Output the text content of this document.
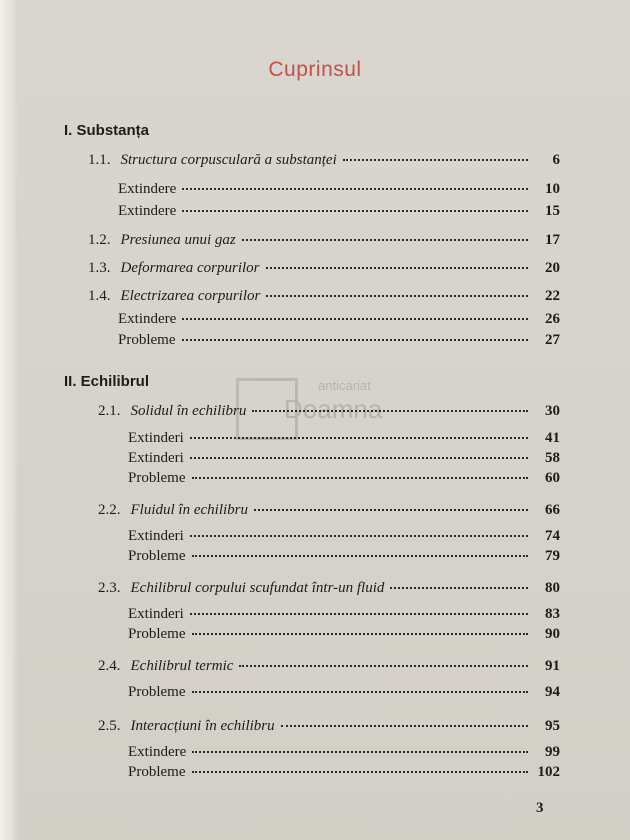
anticariat
Doamna
Cuprinsul
I. Substanța
1.1. Structura corpusculară a substanței	6
Extindere	10
Extindere	15
1.2. Presiunea unui gaz	17
1.3. Deformarea corpurilor	20
1.4. Electrizarea corpurilor	22
Extindere	26
Probleme	27
II. Echilibrul
2.1. Solidul în echilibru	30
Extinderi	41
Extinderi	58
Probleme	60
2.2. Fluidul în echilibru	66
Extinderi	74
Probleme	79
2.3. Echilibrul corpului scufundat într-un fluid	80
Extinderi	83
Probleme	90
2.4. Echilibrul termic	91
Probleme	94
2.5. Interacțiuni în echilibru	95
Extindere	99
Probleme	102
3
